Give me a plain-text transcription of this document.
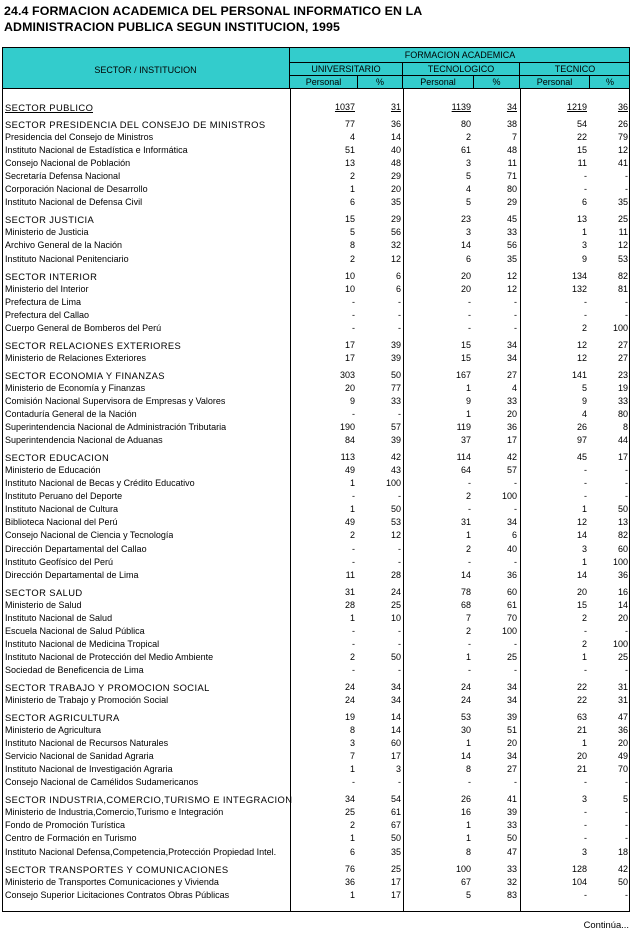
24.4 FORMACION ACADEMICA DEL PERSONAL INFORMATICO EN LA
ADMINISTRACION PUBLICA SEGUN INSTITUCION, 1995
SECTOR / INSTITUCION
FORMACION ACADEMICA
UNIVERSITARIO	TECNOLOGICO	TECNICO
Personal	%	Personal	%	Personal	%
SECTOR PUBLICO	1037	31	1139	34	1219	36
SECTOR PRESIDENCIA DEL CONSEJO DE MINISTROS	77	36	80	38	54	26
Presidencia del Consejo de Ministros	4	14	2	7	22	79
Instituto Nacional de Estadística e Informática	51	40	61	48	15	12
Consejo Nacional de Población	13	48	3	11	11	41
Secretaría Defensa Nacional	2	29	5	71	-	-
Corporación Nacional de Desarrollo	1	20	4	80	-	-
Instituto Nacional de Defensa Civil	6	35	5	29	6	35
SECTOR JUSTICIA	15	29	23	45	13	25
Ministerio de Justicia	5	56	3	33	1	11
Archivo General de la Nación	8	32	14	56	3	12
Instituto Nacional Penitenciario	2	12	6	35	9	53
SECTOR INTERIOR	10	6	20	12	134	82
Ministerio del Interior	10	6	20	12	132	81
Prefectura de Lima	-	-	-	-	-	-
Prefectura del Callao	-	-	-	-	-	-
Cuerpo General de Bomberos del Perú	-	-	-	-	2	100
SECTOR RELACIONES EXTERIORES	17	39	15	34	12	27
Ministerio de Relaciones Exteriores	17	39	15	34	12	27
SECTOR ECONOMIA Y FINANZAS	303	50	167	27	141	23
Ministerio de Economía y Finanzas	20	77	1	4	5	19
Comisión Nacional Supervisora de Empresas y Valores	9	33	9	33	9	33
Contaduría General de la Nación	-	-	1	20	4	80
Superintendencia Nacional de Administración Tributaria	190	57	119	36	26	8
Superintendencia Nacional de Aduanas	84	39	37	17	97	44
SECTOR EDUCACION	113	42	114	42	45	17
Ministerio de Educación	49	43	64	57	-	-
Instituto Nacional de Becas y Crédito Educativo	1	100	-	-	-	-
Instituto Peruano del Deporte	-	-	2	100	-	-
Instituto Nacional de Cultura	1	50	-	-	1	50
Biblioteca Nacional del Perú	49	53	31	34	12	13
Consejo Nacional de Ciencia y Tecnología	2	12	1	6	14	82
Dirección Departamental del Callao	-	-	2	40	3	60
Instituto Geofísico del Perú	-	-	-	-	1	100
Dirección Departamental de Lima	11	28	14	36	14	36
SECTOR SALUD	31	24	78	60	20	16
Ministerio de Salud	28	25	68	61	15	14
Instituto Nacional de Salud	1	10	7	70	2	20
Escuela Nacional de Salud Pública	-	-	2	100	-	-
Instituto Nacional de Medicina Tropical	-	-	-	-	2	100
Instituto Nacional de Protección del Medio Ambiente	2	50	1	25	1	25
Sociedad de Beneficencia de Lima	-	-	-	-	-	-
SECTOR TRABAJO Y PROMOCION SOCIAL	24	34	24	34	22	31
Ministerio de Trabajo y Promoción Social	24	34	24	34	22	31
SECTOR AGRICULTURA	19	14	53	39	63	47
Ministerio de Agricultura	8	14	30	51	21	36
Instituto Nacional de Recursos Naturales	3	60	1	20	1	20
Servicio Nacional de Sanidad Agraria	7	17	14	34	20	49
Instituto Nacional de Investigación Agraria	1	3	8	27	21	70
Consejo Nacional de Camélidos Sudamericanos	-	-	-	-	-	-
SECTOR INDUSTRIA,COMERCIO,TURISMO E INTEGRACION	34	54	26	41	3	5
Ministerio de Industria,Comercio,Turismo e Integración	25	61	16	39	-	-
Fondo de Promoción Turística	2	67	1	33	-	-
Centro de Formación en Turismo	1	50	1	50	-	-
Instituto Nacional Defensa,Competencia,Protección Propiedad Intel.	6	35	8	47	3	18
SECTOR TRANSPORTES Y COMUNICACIONES	76	25	100	33	128	42
Ministerio de Transportes Comunicaciones y Vivienda	36	17	67	32	104	50
Consejo Superior Licitaciones Contratos Obras Públicas	1	17	5	83	-	-
Continúa...
